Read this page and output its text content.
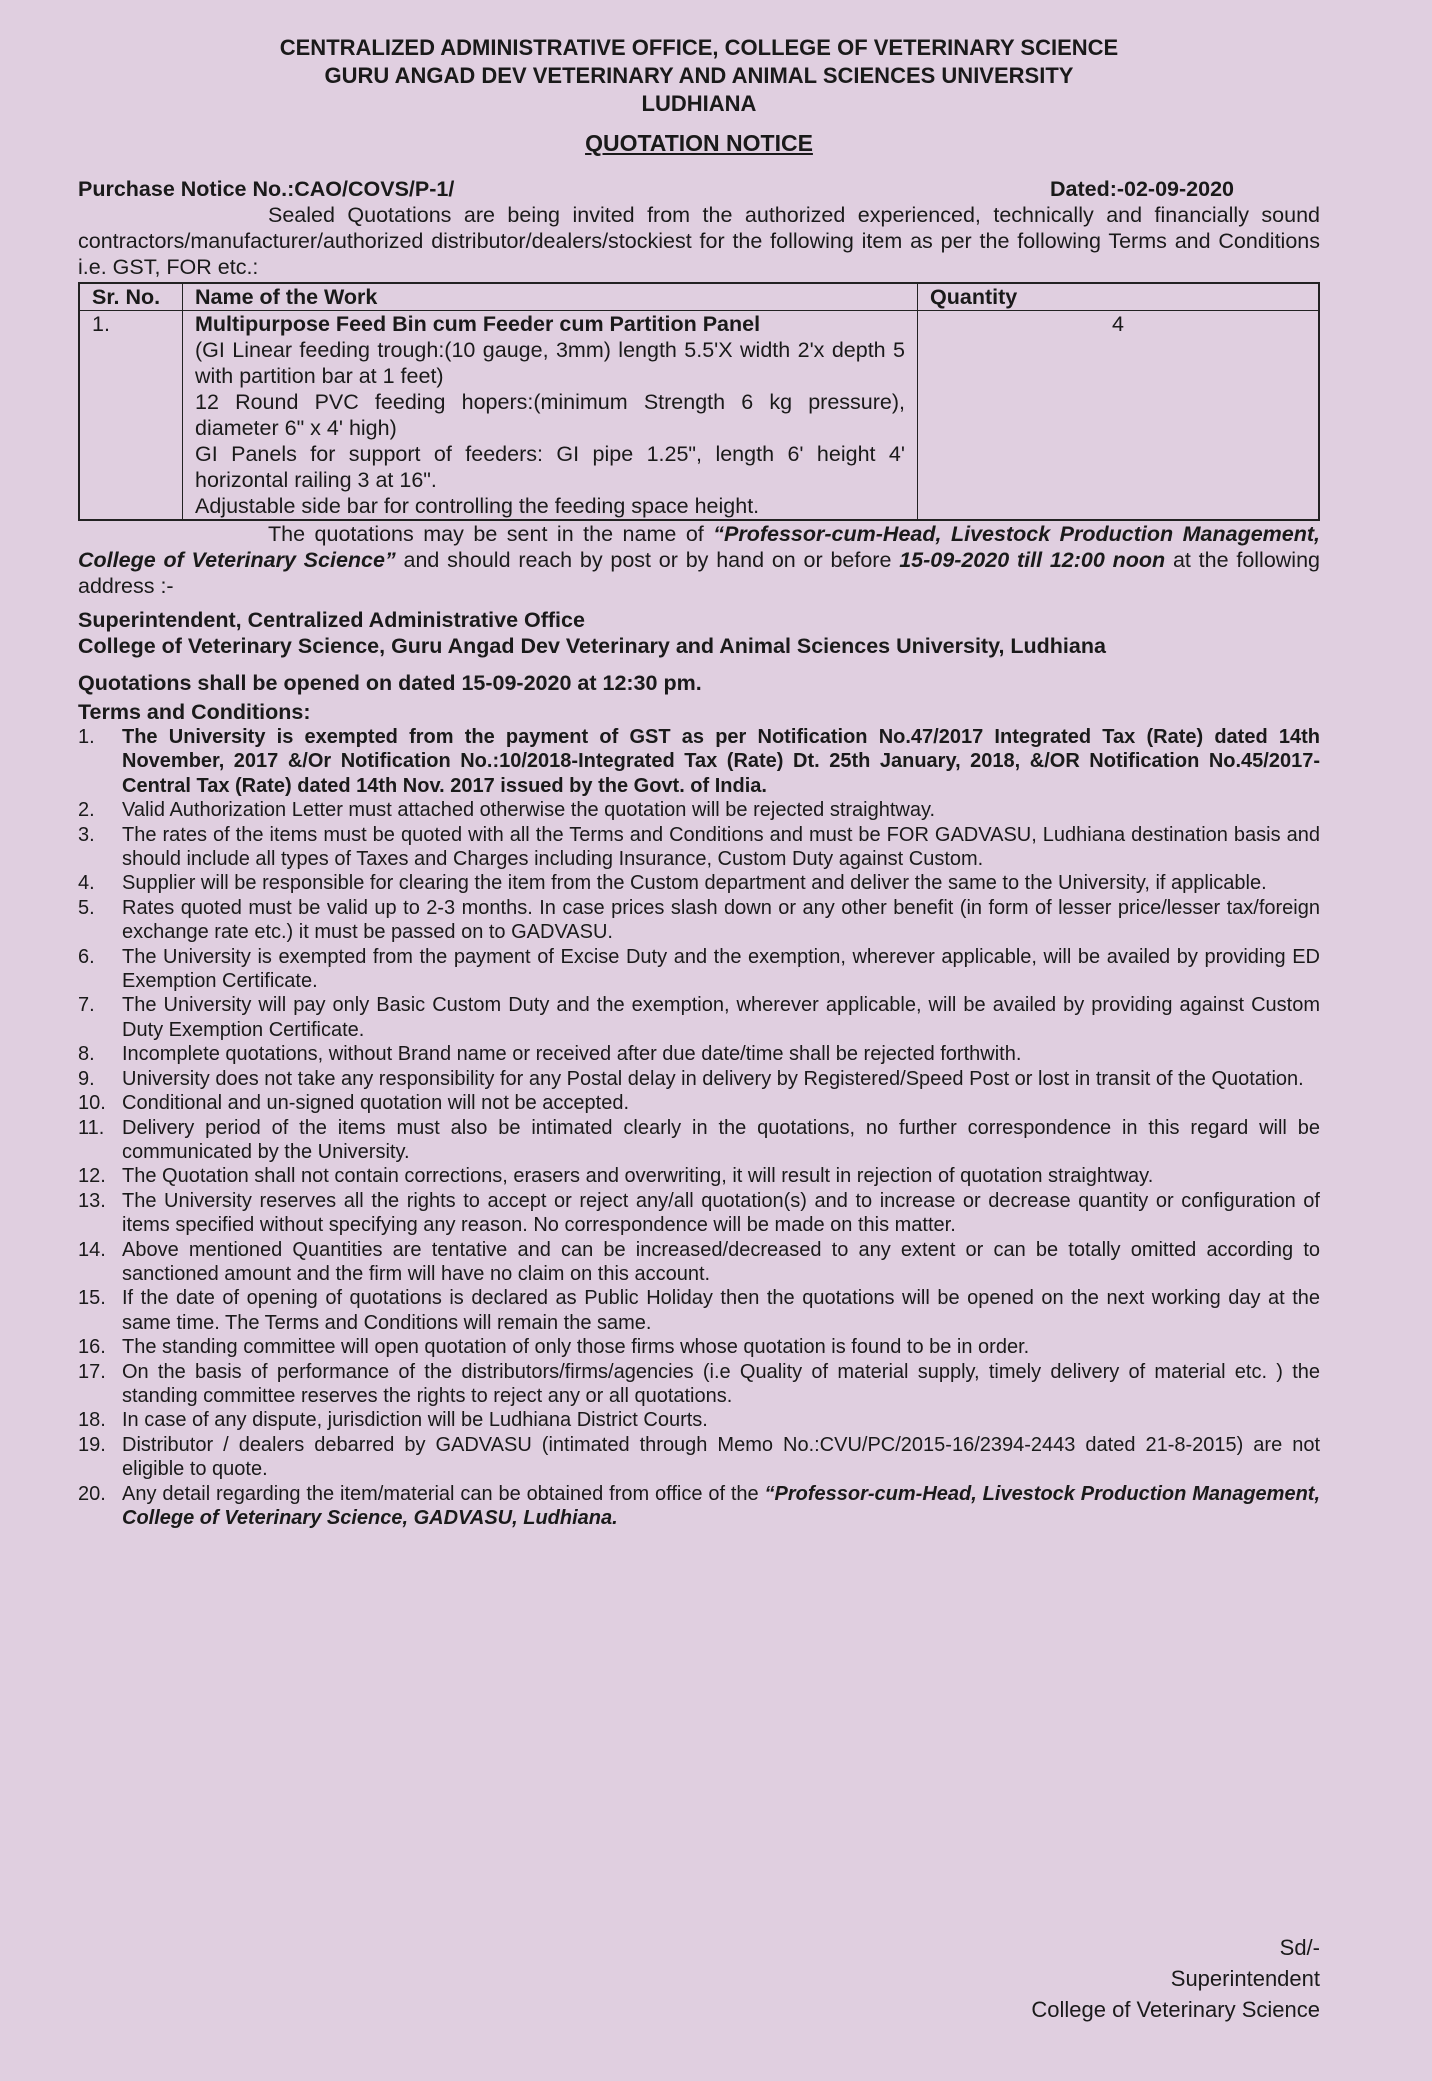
CENTRALIZED ADMINISTRATIVE OFFICE, COLLEGE OF VETERINARY SCIENCE
GURU ANGAD DEV VETERINARY AND ANIMAL SCIENCES UNIVERSITY
LUDHIANA
QUOTATION NOTICE
Purchase Notice No.:CAO/COVS/P-1/	Dated:-02-09-2020

Sealed Quotations are being invited from the authorized experienced, technically and financially sound contractors/manufacturer/authorized distributor/dealers/stockiest for the following item as per the following Terms and Conditions i.e. GST, FOR etc.:

Sr. No.	Name of the Work	Quantity
1.	Multipurpose Feed Bin cum Feeder cum Partition Panel
(GI Linear feeding trough:(10 gauge, 3mm) length 5.5'X width 2'x depth 5 with partition bar at 1 feet)
12 Round PVC feeding hopers:(minimum Strength 6 kg pressure), diameter 6" x 4' high)
GI Panels for support of feeders: GI pipe 1.25", length 6' height 4' horizontal railing 3 at 16".
Adjustable side bar for controlling the feeding space height.	4

The quotations may be sent in the name of “Professor-cum-Head, Livestock Production Management, College of Veterinary Science” and should reach by post or by hand on or before 15-09-2020 till 12:00 noon at the following address :-

Superintendent, Centralized Administrative Office
College of Veterinary Science, Guru Angad Dev Veterinary and Animal Sciences University, Ludhiana
Quotations shall be opened on dated 15-09-2020 at 12:30 pm.
Terms and Conditions:
1.	The University is exempted from the payment of GST as per Notification No.47/2017 Integrated Tax (Rate) dated 14th November, 2017 &/Or Notification No.:10/2018-Integrated Tax (Rate) Dt. 25th January, 2018, &/OR Notification No.45/2017-Central Tax (Rate) dated 14th Nov. 2017 issued by the Govt. of India.
2.	Valid Authorization Letter must attached otherwise the quotation will be rejected straightway.
3.	The rates of the items must be quoted with all the Terms and Conditions and must be FOR GADVASU, Ludhiana destination basis and should include all types of Taxes and Charges including Insurance, Custom Duty against Custom.
4.	Supplier will be responsible for clearing the item from the Custom department and deliver the same to the University, if applicable.
5.	Rates quoted must be valid up to 2-3 months. In case prices slash down or any other benefit (in form of lesser price/lesser tax/foreign exchange rate etc.) it must be passed on to GADVASU.
6.	The University is exempted from the payment of Excise Duty and the exemption, wherever applicable, will be availed by providing ED Exemption Certificate.
7.	The University will pay only Basic Custom Duty and the exemption, wherever applicable, will be availed by providing against Custom Duty Exemption Certificate.
8.	Incomplete quotations, without Brand name or received after due date/time shall be rejected forthwith.
9.	University does not take any responsibility for any Postal delay in delivery by Registered/Speed Post or lost in transit of the Quotation.
10. Conditional and un-signed quotation will not be accepted.
11. Delivery period of the items must also be intimated clearly in the quotations, no further correspondence in this regard will be communicated by the University.
12. The Quotation shall not contain corrections, erasers and overwriting, it will result in rejection of quotation straightway.
13. The University reserves all the rights to accept or reject any/all quotation(s) and to increase or decrease quantity or configuration of items specified without specifying any reason. No correspondence will be made on this matter.
14. Above mentioned Quantities are tentative and can be increased/decreased to any extent or can be totally omitted according to sanctioned amount and the firm will have no claim on this account.
15. If the date of opening of quotations is declared as Public Holiday then the quotations will be opened on the next working day at the same time. The Terms and Conditions will remain the same.
16. The standing committee will open quotation of only those firms whose quotation is found to be in order.
17. On the basis of performance of the distributors/firms/agencies (i.e Quality of material supply, timely delivery of material etc. ) the standing committee reserves the rights to reject any or all quotations.
18. In case of any dispute, jurisdiction will be Ludhiana District Courts.
19. Distributor / dealers debarred by GADVASU (intimated through Memo No.:CVU/PC/2015-16/2394-2443 dated 21-8-2015) are not eligible to quote.
20. Any detail regarding the item/material can be obtained from office of the “Professor-cum-Head, Livestock Production Management, College of Veterinary Science, GADVASU, Ludhiana.
Sd/-
Superintendent
College of Veterinary Science
